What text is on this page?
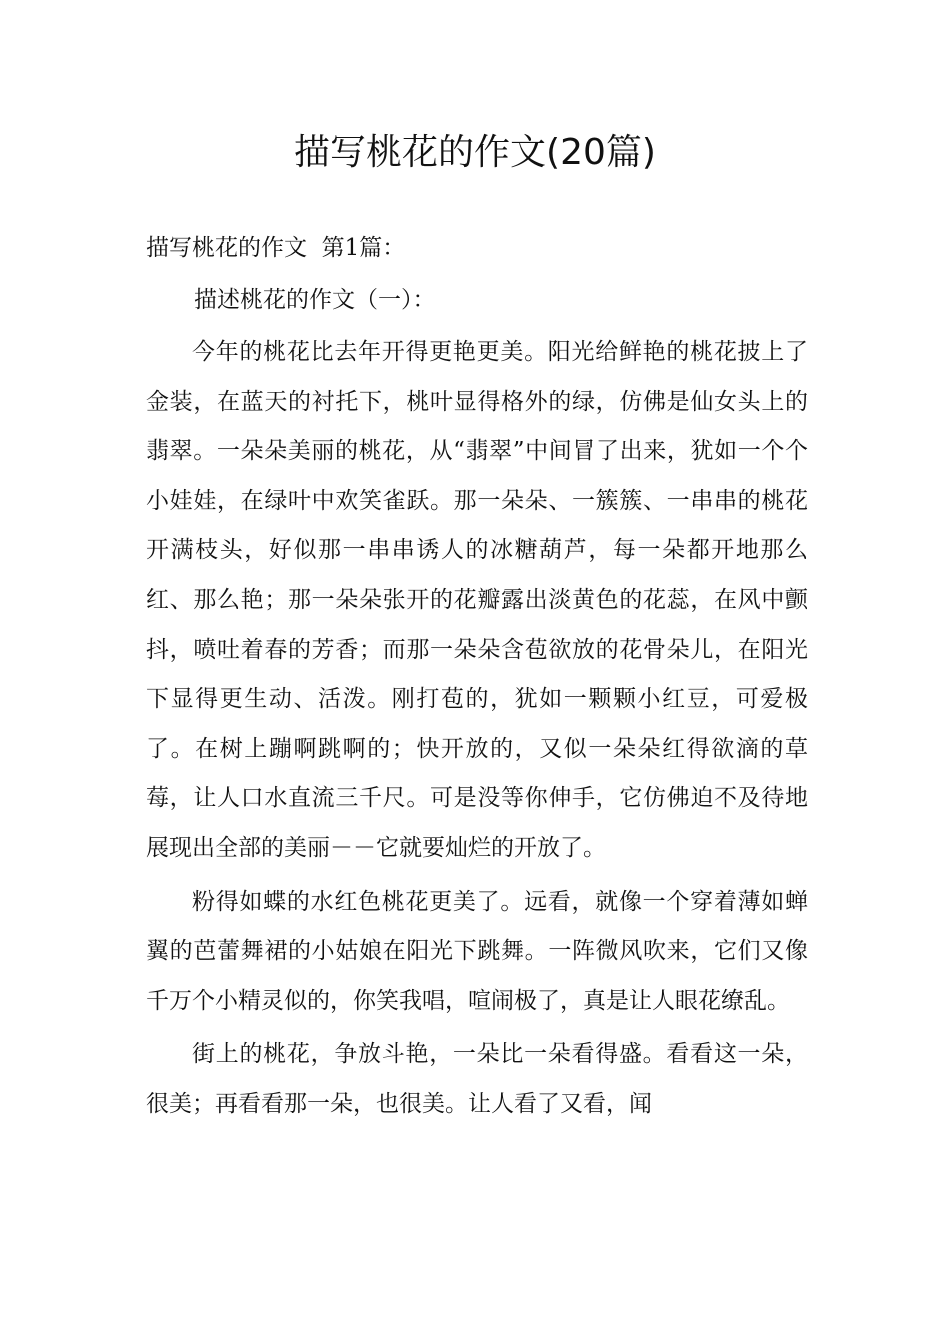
描写桃花的作文(20篇)
描写桃花的作文  第1篇：
描述桃花的作文（一）：

今年的桃花比去年开得更艳更美。阳光给鲜艳的桃花披上了金装，在蓝天的衬托下，桃叶显得格外的绿，仿佛是仙女头上的翡翠。一朵朵美丽的桃花，从“翡翠”中间冒了出来，犹如一个个小娃娃，在绿叶中欢笑雀跃。那一朵朵、一簇簇、一串串的桃花开满枝头，好似那一串串诱人的冰糖葫芦，每一朵都开地那么红、那么艳；那一朵朵张开的花瓣露出淡黄色的花蕊，在风中颤抖，喷吐着春的芳香；而那一朵朵含苞欲放的花骨朵儿，在阳光下显得更生动、活泼。刚打苞的，犹如一颗颗小红豆，可爱极了。在树上蹦啊跳啊的；快开放的，又似一朵朵红得欲滴的草莓，让人口水直流三千尺。可是没等你伸手，它仿佛迫不及待地展现出全部的美丽－－它就要灿烂的开放了。

粉得如蝶的水红色桃花更美了。远看，就像一个穿着薄如蝉翼的芭蕾舞裙的小姑娘在阳光下跳舞。一阵微风吹来，它们又像千万个小精灵似的，你笑我唱，喧闹极了，真是让人眼花缭乱。

街上的桃花，争放斗艳，一朵比一朵看得盛。看看这一朵，很美；再看看那一朵，也很美。让人看了又看，闻
